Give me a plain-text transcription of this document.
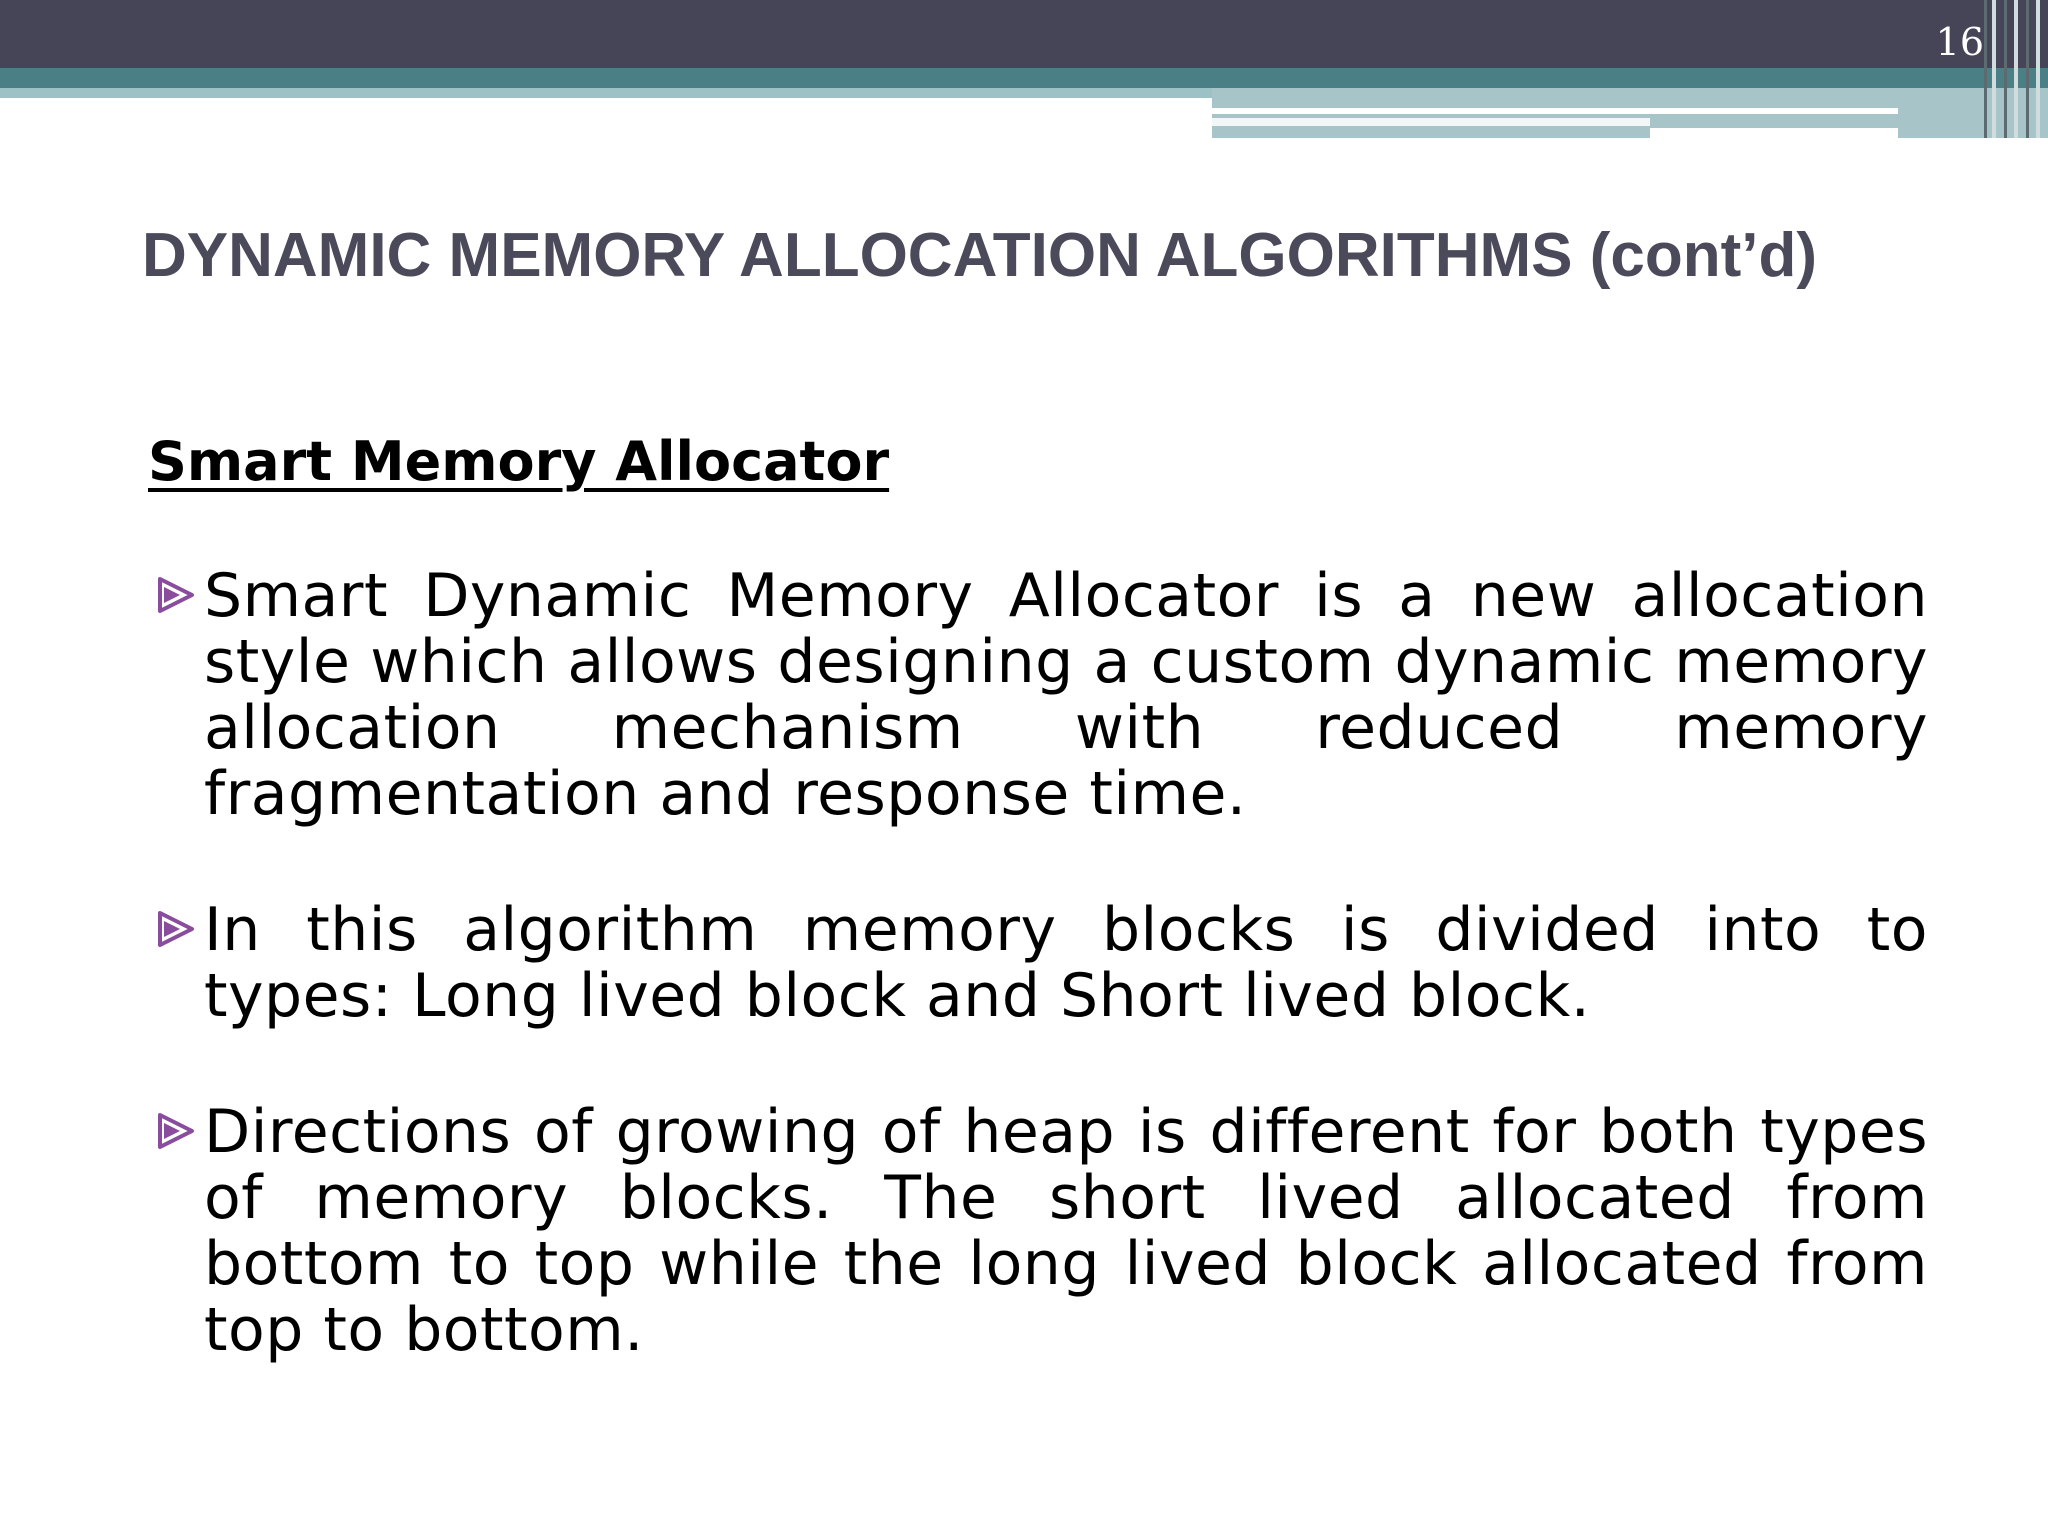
16
DYNAMIC MEMORY ALLOCATION ALGORITHMS (cont’d)
Smart Memory Allocator

Smart Dynamic Memory Allocator is a new allocation style which allows designing a custom dynamic memory allocation mechanism with reduced memory fragmentation and response time.

In this algorithm memory blocks is divided into to types: Long lived block and Short lived block.

Directions of growing of heap is different for both types of memory blocks. The short lived allocated from bottom to top while the long lived block allocated from top to bottom.
